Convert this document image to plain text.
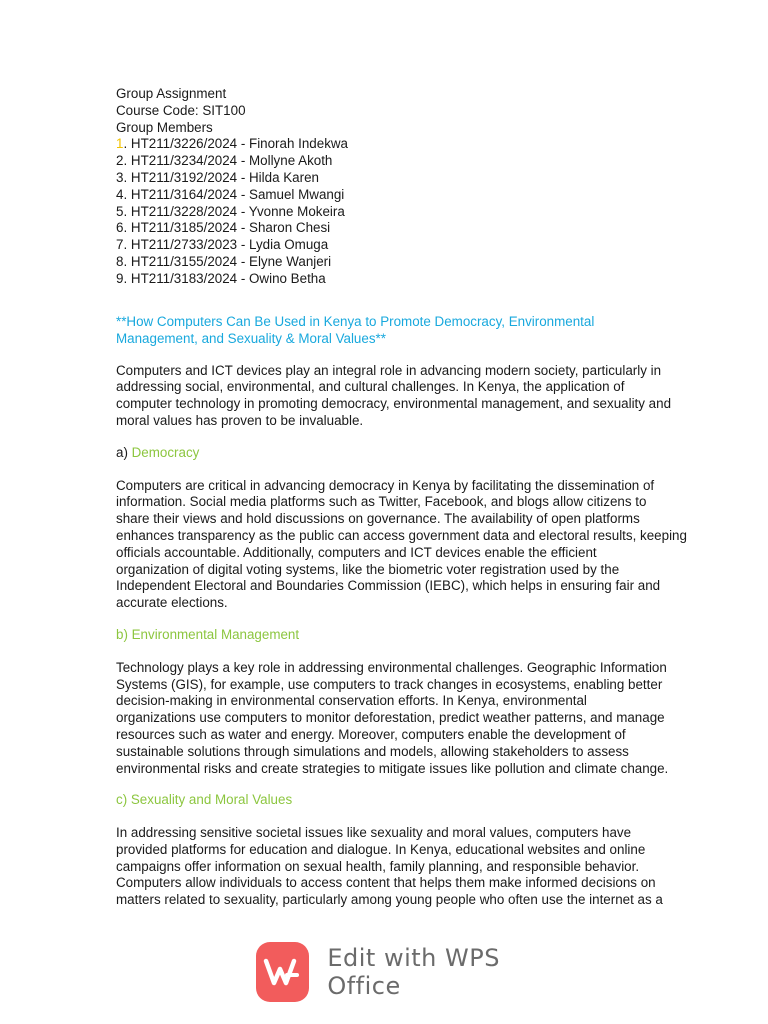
Group Assignment
Course Code: SIT100
Group Members
1. HT211/3226/2024 - Finorah Indekwa
2. HT211/3234/2024 - Mollyne Akoth
3. HT211/3192/2024 - Hilda Karen
4. HT211/3164/2024 - Samuel Mwangi
5. HT211/3228/2024 - Yvonne Mokeira
6. HT211/3185/2024 - Sharon Chesi
7. HT211/2733/2023 - Lydia Omuga
8. HT211/3155/2024 - Elyne Wanjeri
9. HT211/3183/2024 - Owino Betha
**How Computers Can Be Used in Kenya to Promote Democracy, Environmental
Management, and Sexuality & Moral Values**

Computers and ICT devices play an integral role in advancing modern society, particularly in

addressing social, environmental, and cultural challenges. In Kenya, the application of

computer technology in promoting democracy, environmental management, and sexuality and

moral values has proven to be invaluable.

a) Democracy

Computers are critical in advancing democracy in Kenya by facilitating the dissemination of

information. Social media platforms such as Twitter, Facebook, and blogs allow citizens to

share their views and hold discussions on governance. The availability of open platforms

enhances transparency as the public can access government data and electoral results, keeping

officials accountable. Additionally, computers and ICT devices enable the efficient

organization of digital voting systems, like the biometric voter registration used by the

Independent Electoral and Boundaries Commission (IEBC), which helps in ensuring fair and

accurate elections.

b) Environmental Management

Technology plays a key role in addressing environmental challenges. Geographic Information

Systems (GIS), for example, use computers to track changes in ecosystems, enabling better

decision-making in environmental conservation efforts. In Kenya, environmental

organizations use computers to monitor deforestation, predict weather patterns, and manage

resources such as water and energy. Moreover, computers enable the development of

sustainable solutions through simulations and models, allowing stakeholders to assess

environmental risks and create strategies to mitigate issues like pollution and climate change.

c) Sexuality and Moral Values

In addressing sensitive societal issues like sexuality and moral values, computers have

provided platforms for education and dialogue. In Kenya, educational websites and online

campaigns offer information on sexual health, family planning, and responsible behavior.

Computers allow individuals to access content that helps them make informed decisions on

matters related to sexuality, particularly among young people who often use the internet as a

Edit with WPS Office
